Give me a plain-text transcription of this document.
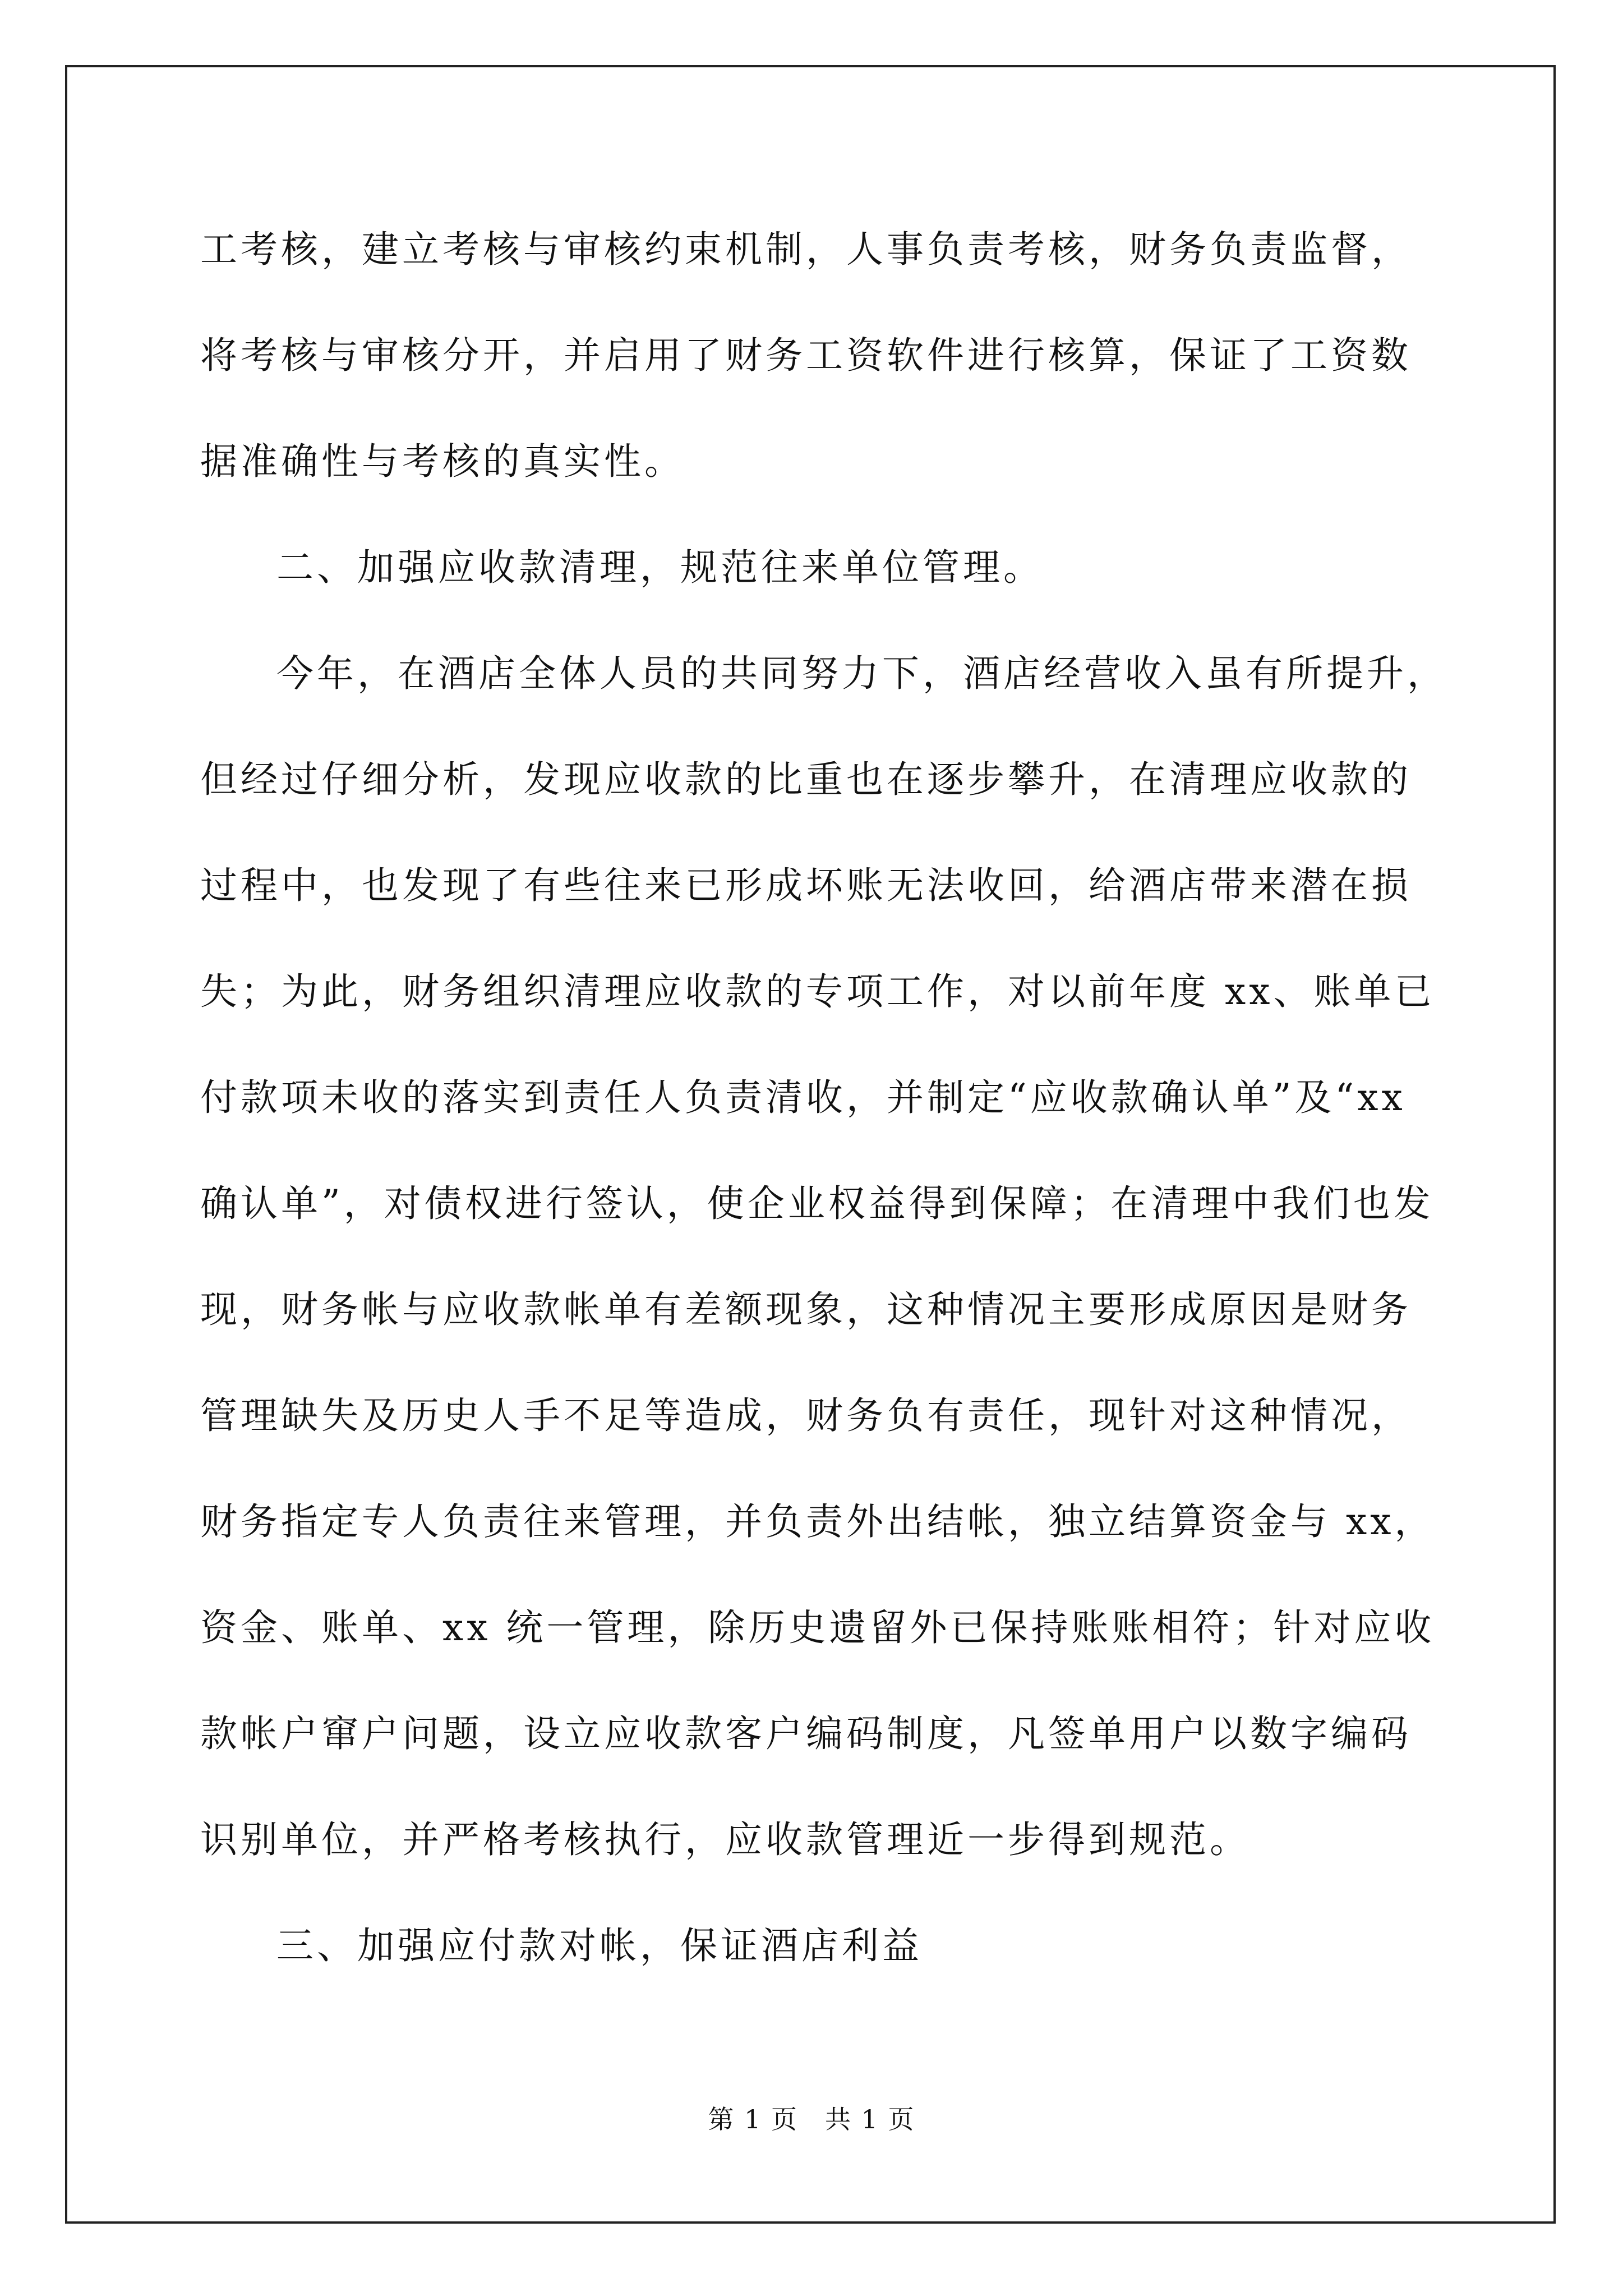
工考核，建立考核与审核约束机制，人事负责考核，财务负责监督，
将考核与审核分开，并启用了财务工资软件进行核算，保证了工资数
据准确性与考核的真实性。
二、加强应收款清理，规范往来单位管理。
今年，在酒店全体人员的共同努力下，酒店经营收入虽有所提升，
但经过仔细分析，发现应收款的比重也在逐步攀升，在清理应收款的
过程中，也发现了有些往来已形成坏账无法收回，给酒店带来潜在损
失；为此，财务组织清理应收款的专项工作，对以前年度 xx、账单已
付款项未收的落实到责任人负责清收，并制定“应收款确认单”及“xx
确认单”，对债权进行签认，使企业权益得到保障；在清理中我们也发
现，财务帐与应收款帐单有差额现象，这种情况主要形成原因是财务
管理缺失及历史人手不足等造成，财务负有责任，现针对这种情况，
财务指定专人负责往来管理，并负责外出结帐，独立结算资金与 xx，
资金、账单、xx 统一管理，除历史遗留外已保持账账相符；针对应收
款帐户窜户问题，设立应收款客户编码制度，凡签单用户以数字编码
识别单位，并严格考核执行，应收款管理近一步得到规范。
三、加强应付款对帐，保证酒店利益
第 1 页　共 1 页
